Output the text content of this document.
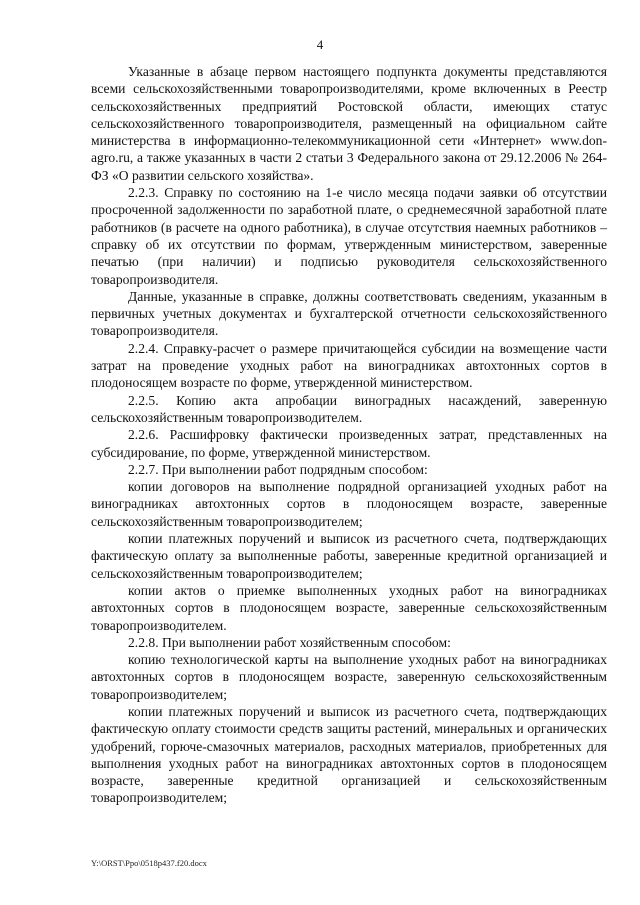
4

Указанные в абзаце первом настоящего подпункта документы представляются всеми сельскохозяйственными товаропроизводителями, кроме включенных в Реестр сельскохозяйственных предприятий Ростовской области, имеющих статус сельскохозяйственного товаропроизводителя, размещенный на официальном сайте министерства в информационно-телекоммуникационной сети «Интернет» www.don-agro.ru, а также указанных в части 2 статьи 3 Федерального закона от 29.12.2006 № 264-ФЗ «О развитии сельского хозяйства».

2.2.3. Справку по состоянию на 1-е число месяца подачи заявки об отсутствии просроченной задолженности по заработной плате, о среднемесячной заработной плате работников (в расчете на одного работника), в случае отсутствия наемных работников – справку об их отсутствии по формам, утвержденным министерством, заверенные печатью (при наличии) и подписью руководителя сельскохозяйственного товаропроизводителя.

Данные, указанные в справке, должны соответствовать сведениям, указанным в первичных учетных документах и бухгалтерской отчетности сельскохозяйственного товаропроизводителя.

2.2.4. Справку-расчет о размере причитающейся субсидии на возмещение части затрат на проведение уходных работ на виноградниках автохтонных сортов в плодоносящем возрасте по форме, утвержденной министерством.

2.2.5. Копию акта апробации виноградных насаждений, заверенную сельскохозяйственным товаропроизводителем.

2.2.6. Расшифровку фактически произведенных затрат, представленных на субсидирование, по форме, утвержденной министерством.

2.2.7. При выполнении работ подрядным способом:

копии договоров на выполнение подрядной организацией уходных работ на виноградниках автохтонных сортов в плодоносящем возрасте, заверенные сельскохозяйственным товаропроизводителем;

копии платежных поручений и выписок из расчетного счета, подтверждающих фактическую оплату за выполненные работы, заверенные кредитной организацией и сельскохозяйственным товаропроизводителем;

копии актов о приемке выполненных уходных работ на виноградниках автохтонных сортов в плодоносящем возрасте, заверенные сельскохозяйственным товаропроизводителем.

2.2.8. При выполнении работ хозяйственным способом:

копию технологической карты на выполнение уходных работ на виноградниках автохтонных сортов в плодоносящем возрасте, заверенную сельскохозяйственным товаропроизводителем;

копии платежных поручений и выписок из расчетного счета, подтверждающих фактическую оплату стоимости средств защиты растений, минеральных и органических удобрений, горюче-смазочных материалов, расходных материалов, приобретенных для выполнения уходных работ на виноградниках автохтонных сортов в плодоносящем возрасте, заверенные кредитной организацией и сельскохозяйственным товаропроизводителем;

Y:\ORST\Ppo\0518p437.f20.docx
